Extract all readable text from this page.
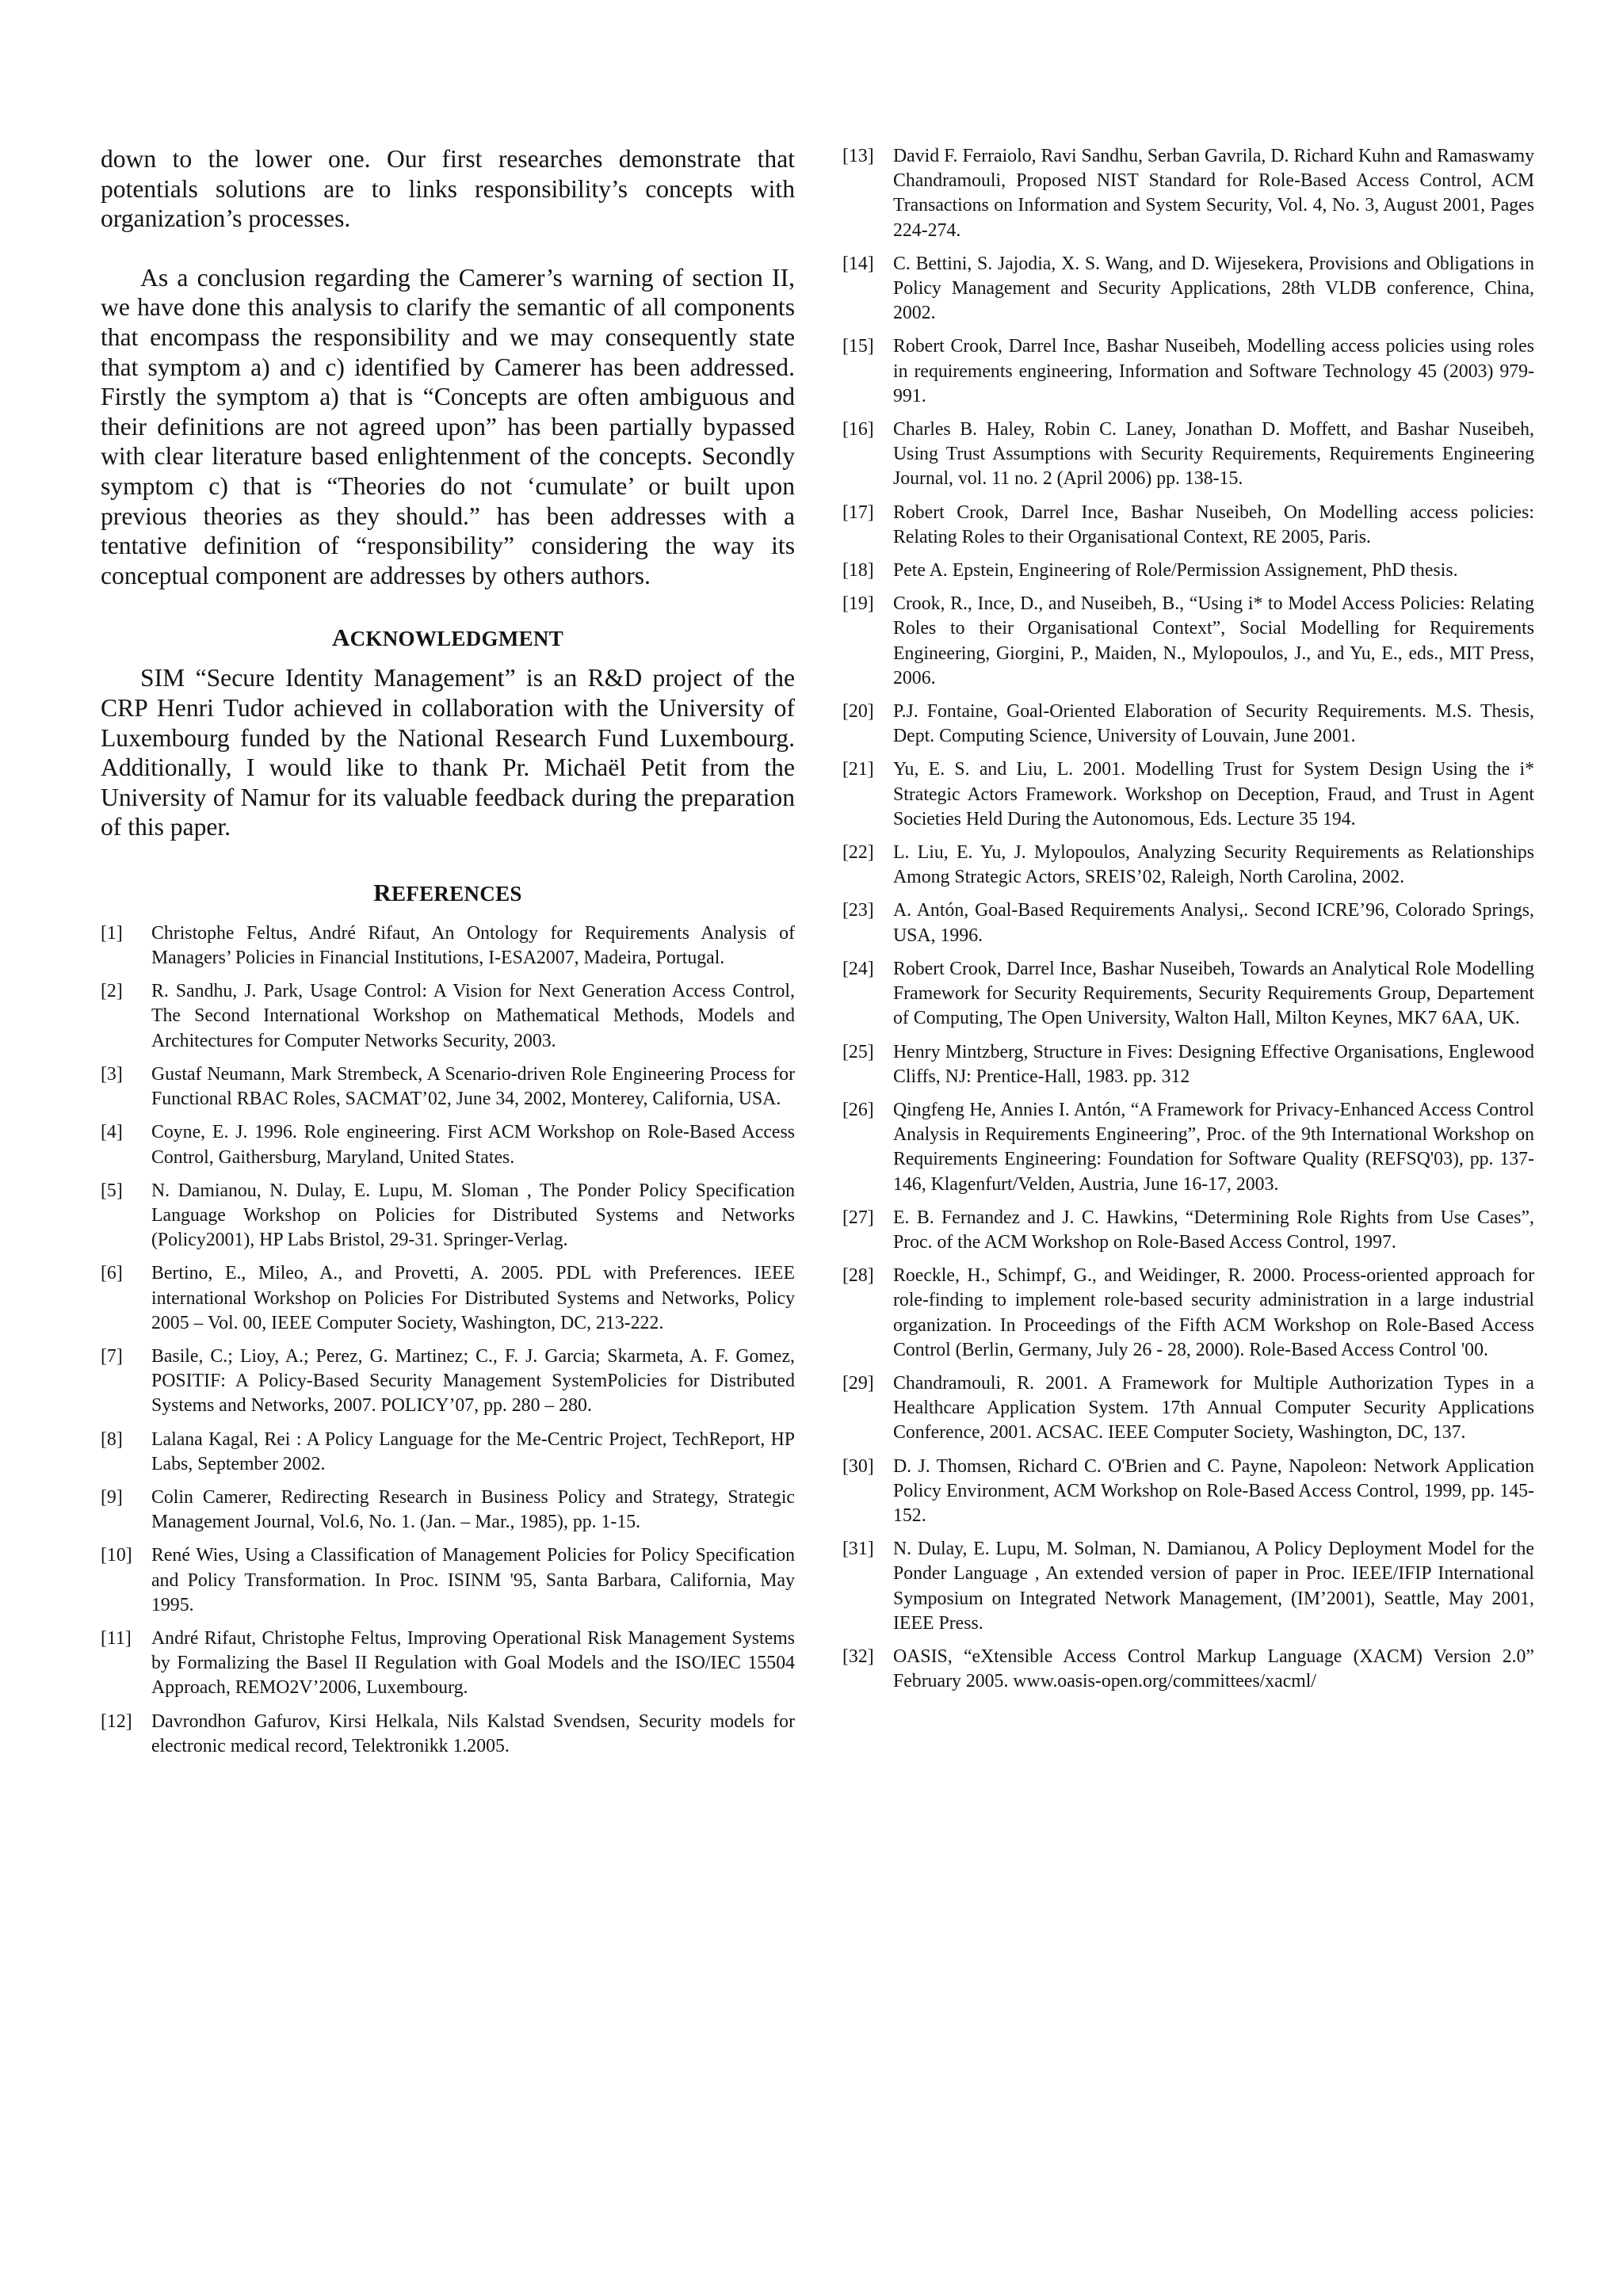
down to the lower one. Our first researches demonstrate that potentials solutions are to links responsibility’s concepts with organization’s processes.

As a conclusion regarding the Camerer’s warning of section II, we have done this analysis to clarify the semantic of all components that encompass the responsibility and we may consequently state that symptom a) and c) identified by Camerer has been addressed. Firstly the symptom a) that is “Concepts are often ambiguous and their definitions are not agreed upon” has been partially bypassed with clear literature based enlightenment of the concepts. Secondly symptom c) that is “Theories do not ‘cumulate’ or built upon previous theories as they should.” has been addresses with a tentative definition of “responsibility” considering the way its conceptual component are addresses by others authors.

ACKNOWLEDGMENT

SIM “Secure Identity Management” is an R&D project of the CRP Henri Tudor achieved in collaboration with the University of Luxembourg funded by the National Research Fund Luxembourg. Additionally, I would like to thank Pr. Michaël Petit from the University of Namur for its valuable feedback during the preparation of this paper.

REFERENCES
[1]	Christophe Feltus, André Rifaut, An Ontology for Requirements Analysis of Managers’ Policies in Financial Institutions, I-ESA2007, Madeira, Portugal.
[2]	R. Sandhu, J. Park, Usage Control: A Vision for Next Generation Access Control, The Second International Workshop on Mathematical Methods, Models and Architectures for Computer Networks Security, 2003.
[3]	Gustaf Neumann, Mark Strembeck, A Scenario-driven Role Engineering Process for Functional RBAC Roles, SACMAT’02, June 34, 2002, Monterey, California, USA.
[4]	Coyne, E. J. 1996. Role engineering. First ACM Workshop on Role-Based Access Control, Gaithersburg, Maryland, United States.
[5]	N. Damianou, N. Dulay, E. Lupu, M. Sloman , The Ponder Policy Specification Language Workshop on Policies for Distributed Systems and Networks (Policy2001), HP Labs Bristol, 29-31. Springer-Verlag.
[6]	Bertino, E., Mileo, A., and Provetti, A. 2005. PDL with Preferences. IEEE international Workshop on Policies For Distributed Systems and Networks, Policy 2005 – Vol. 00, IEEE Computer Society, Washington, DC, 213-222.
[7]	Basile, C.; Lioy, A.; Perez, G. Martinez; C., F. J. Garcia; Skarmeta, A. F. Gomez, POSITIF: A Policy-Based Security Management SystemPolicies for Distributed Systems and Networks, 2007. POLICY’07, pp. 280 – 280.
[8]	Lalana Kagal, Rei : A Policy Language for the Me-Centric Project, TechReport, HP Labs, September 2002.
[9]	Colin Camerer, Redirecting Research in Business Policy and Strategy, Strategic Management Journal, Vol.6, No. 1. (Jan. – Mar., 1985), pp. 1-15.
[10]	René Wies, Using a Classification of Management Policies for Policy Specification and Policy Transformation. In Proc. ISINM '95, Santa Barbara, California, May 1995.
[11]	André Rifaut, Christophe Feltus, Improving Operational Risk Management Systems by Formalizing the Basel II Regulation with Goal Models and the ISO/IEC 15504 Approach, REMO2V’2006, Luxembourg.
[12]	Davrondhon Gafurov, Kirsi Helkala, Nils Kalstad Svendsen, Security models for electronic medical record, Telektronikk 1.2005.
[13]	David F. Ferraiolo, Ravi Sandhu, Serban Gavrila, D. Richard Kuhn and Ramaswamy Chandramouli, Proposed NIST Standard for Role-Based Access Control, ACM Transactions on Information and System Security, Vol. 4, No. 3, August 2001, Pages 224-274.
[14]	C. Bettini, S. Jajodia, X. S. Wang, and D. Wijesekera, Provisions and Obligations in Policy Management and Security Applications, 28th VLDB conference, China, 2002.
[15]	Robert Crook, Darrel Ince, Bashar Nuseibeh, Modelling access policies using roles in requirements engineering, Information and Software Technology 45 (2003) 979-991.
[16]	Charles B. Haley, Robin C. Laney, Jonathan D. Moffett, and Bashar Nuseibeh, Using Trust Assumptions with Security Requirements, Requirements Engineering Journal, vol. 11 no. 2 (April 2006) pp. 138-15.
[17]	Robert Crook, Darrel Ince, Bashar Nuseibeh, On Modelling access policies: Relating Roles to their Organisational Context, RE 2005, Paris.
[18]	Pete A. Epstein, Engineering of Role/Permission Assignement, PhD thesis.
[19]	Crook, R., Ince, D., and Nuseibeh, B., “Using i* to Model Access Policies: Relating Roles to their Organisational Context”, Social Modelling for Requirements Engineering, Giorgini, P., Maiden, N., Mylopoulos, J., and Yu, E., eds., MIT Press, 2006.
[20]	P.J. Fontaine, Goal-Oriented Elaboration of Security Requirements. M.S. Thesis, Dept. Computing Science, University of Louvain, June 2001.
[21]	Yu, E. S. and Liu, L. 2001. Modelling Trust for System Design Using the i* Strategic Actors Framework. Workshop on Deception, Fraud, and Trust in Agent Societies Held During the Autonomous, Eds. Lecture 35 194.
[22]	L. Liu, E. Yu, J. Mylopoulos, Analyzing Security Requirements as Relationships Among Strategic Actors, SREIS’02, Raleigh, North Carolina, 2002.
[23]	A. Antón, Goal-Based Requirements Analysi,. Second ICRE’96, Colorado Springs, USA, 1996.
[24]	Robert Crook, Darrel Ince, Bashar Nuseibeh, Towards an Analytical Role Modelling Framework for Security Requirements, Security Requirements Group, Departement of Computing, The Open University, Walton Hall, Milton Keynes, MK7 6AA, UK.
[25]	Henry Mintzberg, Structure in Fives: Designing Effective Organisations, Englewood Cliffs, NJ: Prentice-Hall, 1983. pp. 312
[26]	Qingfeng He, Annies I. Antón, “A Framework for Privacy-Enhanced Access Control Analysis in Requirements Engineering”, Proc. of the 9th International Workshop on Requirements Engineering: Foundation for Software Quality (REFSQ'03), pp. 137-146, Klagenfurt/Velden, Austria, June 16-17, 2003.
[27]	E. B. Fernandez and J. C. Hawkins, “Determining Role Rights from Use Cases”, Proc. of the ACM Workshop on Role-Based Access Control, 1997.
[28]	Roeckle, H., Schimpf, G., and Weidinger, R. 2000. Process-oriented approach for role-finding to implement role-based security administration in a large industrial organization. In Proceedings of the Fifth ACM Workshop on Role-Based Access Control (Berlin, Germany, July 26 - 28, 2000). Role-Based Access Control '00.
[29]	Chandramouli, R. 2001. A Framework for Multiple Authorization Types in a Healthcare Application System. 17th Annual Computer Security Applications Conference, 2001. ACSAC. IEEE Computer Society, Washington, DC, 137.
[30]	D. J. Thomsen, Richard C. O'Brien and C. Payne, Napoleon: Network Application Policy Environment, ACM Workshop on Role-Based Access Control, 1999, pp. 145-152.
[31]	N. Dulay, E. Lupu, M. Solman, N. Damianou, A Policy Deployment Model for the Ponder Language , An extended version of paper in Proc. IEEE/IFIP International Symposium on Integrated Network Management, (IM’2001), Seattle, May 2001, IEEE Press.
[32]	OASIS, “eXtensible Access Control Markup Language (XACM) Version 2.0” February 2005. www.oasis-open.org/committees/xacml/
